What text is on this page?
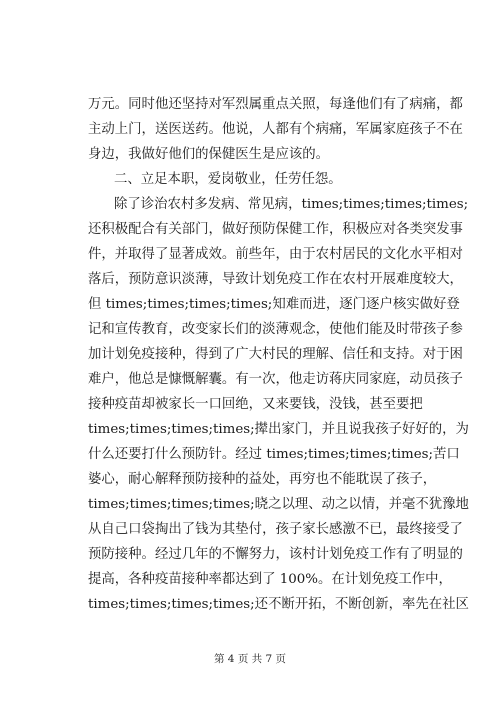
万元。同时他还坚持对军烈属重点关照，每逢他们有了病痛，都
主动上门，送医送药。他说，人都有个病痛，军属家庭孩子不在
身边，我做好他们的保健医生是应该的。
二、立足本职，爱岗敬业，任劳任怨。
除了诊治农村多发病、常见病，times;times;times;times;
还积极配合有关部门，做好预防保健工作，积极应对各类突发事
件，并取得了显著成效。前些年，由于农村居民的文化水平相对
落后，预防意识淡薄，导致计划免疫工作在农村开展难度较大，
但 times;times;times;times;知难而进，逐门逐户核实做好登
记和宣传教育，改变家长们的淡薄观念，使他们能及时带孩子参
加计划免疫接种，得到了广大村民的理解、信任和支持。对于困
难户，他总是慷慨解囊。有一次，他走访蒋庆同家庭，动员孩子
接种疫苗却被家长一口回绝，又来要钱，没钱，甚至要把
times;times;times;times;撵出家门，并且说我孩子好好的，为
什么还要打什么预防针。经过 times;times;times;times;苦口
婆心，耐心解释预防接种的益处，再穷也不能耽误了孩子，
times;times;times;times;晓之以理、动之以情，并毫不犹豫地
从自己口袋掏出了钱为其垫付，孩子家长感激不已，最终接受了
预防接种。经过几年的不懈努力，该村计划免疫工作有了明显的
提高，各种疫苗接种率都达到了 100%。在计划免疫工作中，
times;times;times;times;还不断开拓，不断创新，率先在社区
第 4 页 共 7 页
